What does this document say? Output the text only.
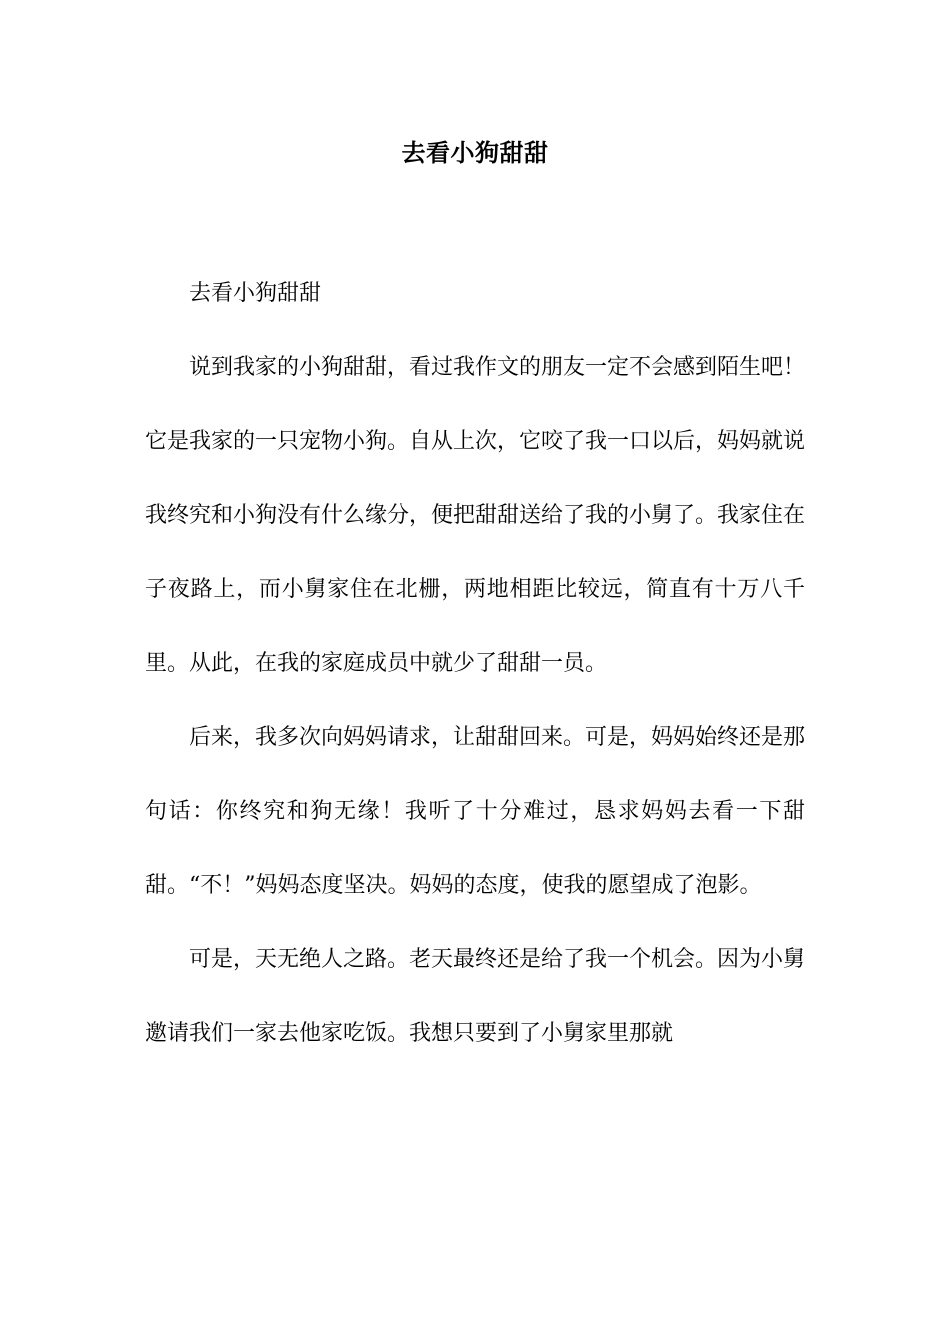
去看小狗甜甜

去看小狗甜甜

说到我家的小狗甜甜，看过我作文的朋友一定不会感到陌生吧！它是我家的一只宠物小狗。自从上次，它咬了我一口以后，妈妈就说我终究和小狗没有什么缘分，便把甜甜送给了我的小舅了。我家住在子夜路上，而小舅家住在北栅，两地相距比较远，简直有十万八千里。从此，在我的家庭成员中就少了甜甜一员。

后来，我多次向妈妈请求，让甜甜回来。可是，妈妈始终还是那句话：你终究和狗无缘！我听了十分难过，恳求妈妈去看一下甜甜。“不！”妈妈态度坚决。妈妈的态度，使我的愿望成了泡影。

可是，天无绝人之路。老天最终还是给了我一个机会。因为小舅邀请我们一家去他家吃饭。我想只要到了小舅家里那就
